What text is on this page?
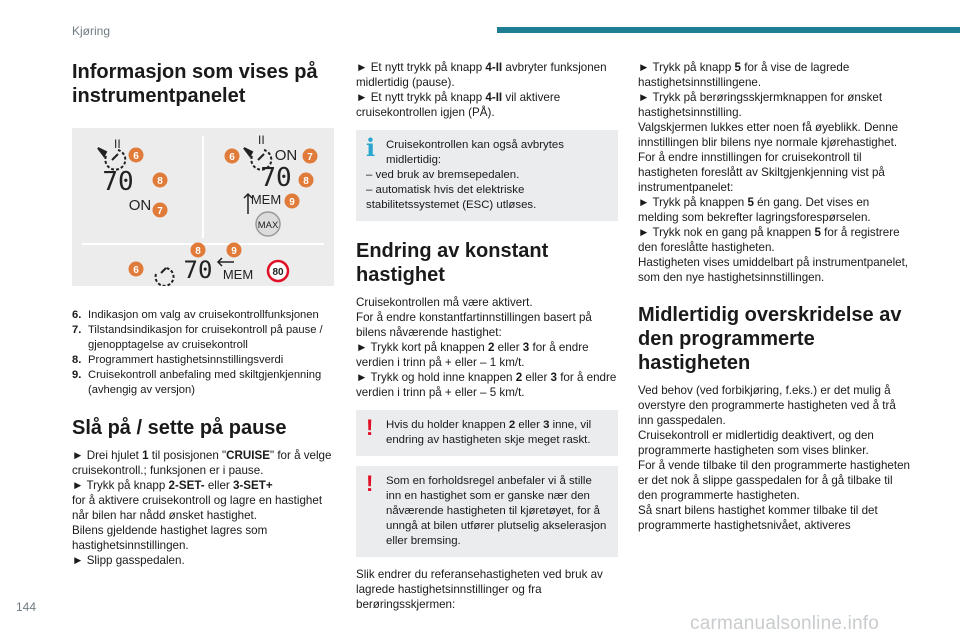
Kjøring
Informasjon som vises på instrumentpanelet
II
6
70 8
ON 7
6
II
ON 7
70 8
MEM 9
MAX
8	9
6 70 MEM 80
6. Indikasjon om valg av cruisekontrollfunksjonen
7. Tilstandsindikasjon for cruisekontroll på pause / gjenopptagelse av cruisekontroll
8. Programmert hastighetsinnstillingsverdi
9. Cruisekontroll anbefaling med skiltgjenkjenning (avhengig av versjon)
Slå på / sette på pause

► Drei hjulet 1 til posisjonen "CRUISE" for å velge cruisekontroll.; funksjonen er i pause.

► Trykk på knapp 2-SET- eller 3-SET+

for å aktivere cruisekontroll og lagre en hastighet når bilen har nådd ønsket hastighet.

Bilens gjeldende hastighet lagres som hastighetsinnstillingen.

► Slipp gasspedalen.

► Et nytt trykk på knapp 4-II avbryter funksjonen midlertidig (pause).

► Et nytt trykk på knapp 4-II vil aktivere cruisekontrollen igjen (PÅ).

i Cruisekontrollen kan også avbrytes midlertidig:
– ved bruk av bremsepedalen.
– automatisk hvis det elektriske stabilitetssystemet (ESC) utløses.
Endring av konstant hastighet

Cruisekontrollen må være aktivert.

For å endre konstantfartinnstillingen basert på bilens nåværende hastighet:

► Trykk kort på knappen 2 eller 3 for å endre verdien i trinn på + eller – 1 km/t.

► Trykk og hold inne knappen 2 eller 3 for å endre verdien i trinn på + eller – 5 km/t.

! Hvis du holder knappen 2 eller 3 inne, vil endring av hastigheten skje meget raskt.
! Som en forholdsregel anbefaler vi å stille inn en hastighet som er ganske nær den nåværende hastigheten til kjøretøyet, for å unngå at bilen utfører plutselig akselerasjon eller bremsing.

Slik endrer du referansehastigheten ved bruk av lagrede hastighetsinnstillinger og fra berøringsskjermen:

► Trykk på knapp 5 for å vise de lagrede hastighetsinnstillingene.

► Trykk på berøringsskjermknappen for ønsket hastighetsinnstilling.

Valgskjermen lukkes etter noen få øyeblikk. Denne innstillingen blir bilens nye normale kjørehastighet.

For å endre innstillingen for cruisekontroll til hastigheten foreslått av Skiltgjenkjenning vist på instrumentpanelet:

► Trykk på knappen 5 én gang. Det vises en melding som bekrefter lagringsforespørselen.

► Trykk nok en gang på knappen 5 for å registrere den foreslåtte hastigheten.

Hastigheten vises umiddelbart på instrumentpanelet, som den nye hastighetsinnstillingen.

Midlertidig overskridelse av den programmerte hastigheten

Ved behov (ved forbikjøring, f.eks.) er det mulig å overstyre den programmerte hastigheten ved å trå inn gasspedalen.

Cruisekontroll er midlertidig deaktivert, og den programmerte hastigheten som vises blinker.

For å vende tilbake til den programmerte hastigheten er det nok å slippe gasspedalen for å gå tilbake til den programmerte hastigheten.

Så snart bilens hastighet kommer tilbake til det programmerte hastighetsnivået, aktiveres

144
carmanualsonline.info
